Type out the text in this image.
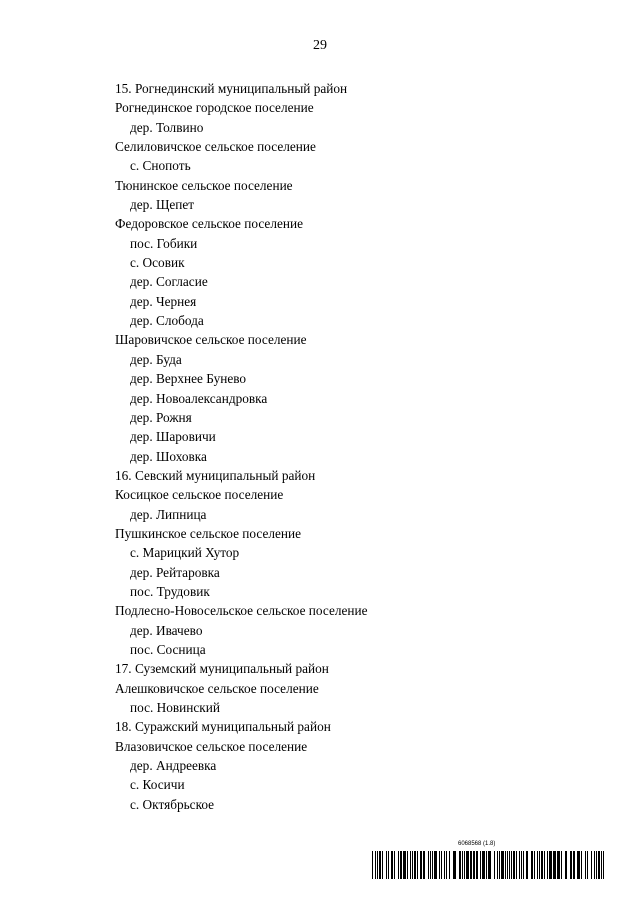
29
15. Рогнединский муниципальный район
Рогнединское городское поселение
дер. Толвино
Селиловичское сельское поселение
с. Снопоть
Тюнинское сельское поселение
дер. Щепет
Федоровское сельское поселение
пос. Гобики
с. Осовик
дер. Согласие
дер. Чернея
дер. Слобода
Шаровичское сельское поселение
дер. Буда
дер. Верхнее Бунево
дер. Новоалександровка
дер. Рожня
дер. Шаровичи
дер. Шоховка
16. Севский муниципальный район
Косицкое сельское поселение
дер. Липница
Пушкинское сельское поселение
с. Марицкий Хутор
дер. Рейтаровка
пос. Трудовик
Подлесно-Новосельское сельское поселение
дер. Ивачево
пос. Сосница
17. Суземский муниципальный район
Алешковичское сельское поселение
пос. Новинский
18. Суражский муниципальный район
Влазовичское сельское поселение
дер. Андреевка
с. Косичи
с. Октябрьское
6068568 (1.8)
